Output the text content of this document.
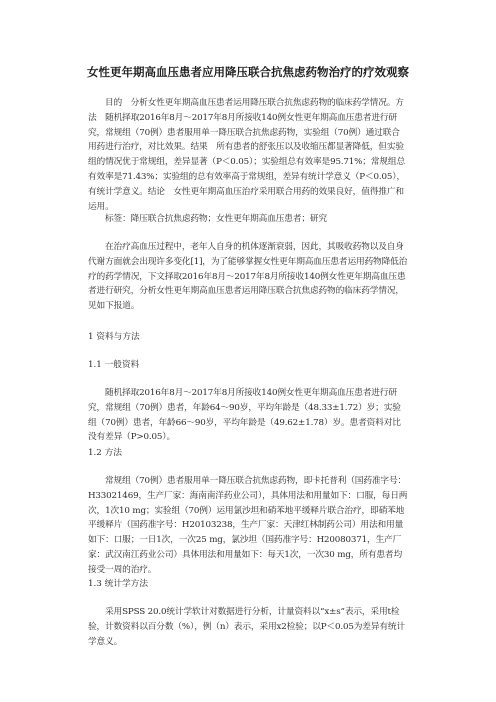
女性更年期高血压患者应用降压联合抗焦虑药物治疗的疗效观察
目的　分析女性更年期高血压患者运用降压联合抗焦虑药物的临床药学情况。方法　随机择取2016年8月～2017年8月所接收140例女性更年期高血压患者进行研究，常规组（70例）患者服用单一降压联合抗焦虑药物，实验组（70例）通过联合用药进行治疗，对比效果。结果　所有患者的舒张压以及收缩压都显著降低，但实验组的情况优于常规组，差异显著（P＜0.05）；实验组总有效率是95.71%；常规组总有效率是71.43%；实验组的总有效率高于常规组，差异有统计学意义（P＜0.05），有统计学意义。结论　女性更年期高血压治疗采用联合用药的效果良好，值得推广和运用。
标签：降压联合抗焦虑药物；女性更年期高血压患者；研究
在治疗高血压过程中，老年人自身的机体逐渐衰弱，因此，其吸收药物以及自身代谢方面就会出现许多变化[1]，为了能够掌握女性更年期高血压患者运用药物降低治疗的药学情况，下文择取2016年8月～2017年8月所接收140例女性更年期高血压患者进行研究，分析女性更年期高血压患者运用降压联合抗焦虑药物的临床药学情况，见如下报道。
1 资料与方法
1.1 一般资料
随机择取2016年8月～2017年8月所接收140例女性更年期高血压患者进行研究，常规组（70例）患者，年龄64～90岁，平均年龄是（48.33±1.72）岁；实验组（70例）患者，年龄66～90岁，平均年龄是（49.62±1.78）岁。患者资料对比没有差异（P>0.05）。
1.2 方法
常规组（70例）患者服用单一降压联合抗焦虑药物，即卡托普利（国药准字号：H33021469，生产厂家：海南南洋药业公司），具体用法和用量如下：口服，每日两次，1次10 mg；实验组（70例）运用氯沙坦和硝苯地平缓释片联合治疗，即硝苯地平缓释片（国药准字号：H20103238，生产厂家：天津红林制药公司）用法和用量如下：口服；一日1次，一次25 mg，氯沙坦（国药准字号：H20080371，生产厂家：武汉南江药业公司）具体用法和用量如下：每天1次，一次30 mg，所有患者均接受一周的治疗。
1.3 统计学方法
采用SPSS 20.0统计学软计对数据进行分析，计量资料以“x±s”表示，采用t检验，计数资料以百分数（%），例（n）表示，采用x2检验；以P＜0.05为差异有统计学意义。
